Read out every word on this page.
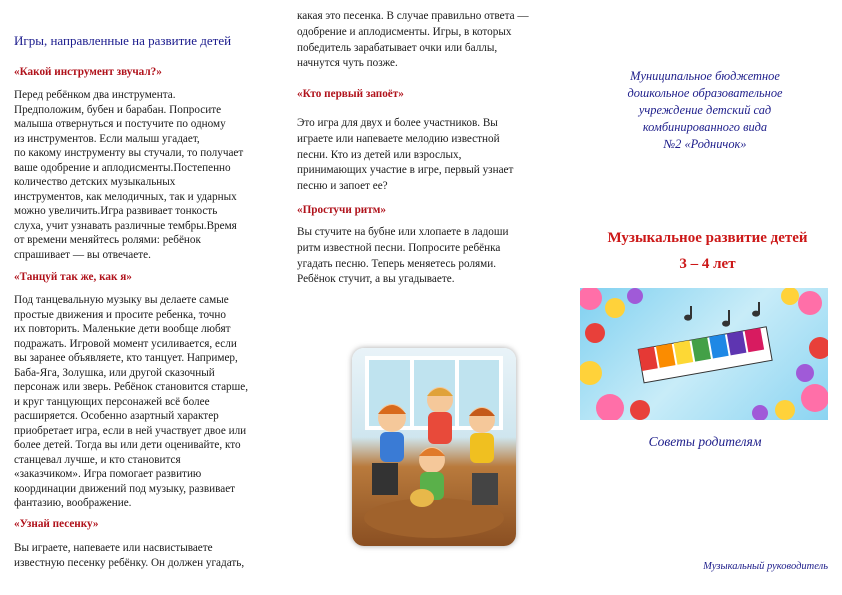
Игры, направленные на развитие детей
«Какой инструмент звучал?»
Перед ребёнком два инструмента.
Предположим, бубен и барабан. Попросите
малыша отвернуться и постучите по одному
из инструментов. Если малыш угадает,
по какому инструменту вы стучали, то получает
ваше одобрение и аплодисменты.Постепенно
количество детских музыкальных
инструментов, как мелодичных, так и ударных
можно увеличить.Игра развивает тонкость
слуха, учит узнавать различные тембры.Время
от времени меняйтесь ролями: ребёнок
спрашивает — вы отвечаете.
«Танцуй так же, как я»
Под танцевальную музыку вы делаете самые
простые движения и просите ребенка, точно
их повторить. Маленькие дети вообще любят
подражать. Игровой момент усиливается, если
вы заранее объявляете, кто танцует. Например,
Баба-Яга, Золушка, или другой сказочный
персонаж или зверь. Ребёнок становится старше,
и круг танцующих персонажей всё более
расширяется. Особенно азартный характер
приобретает игра, если в ней участвует двое или
более детей. Тогда вы или дети оценивайте, кто
станцевал лучше, и кто становится
«заказчиком». Игра помогает развитию
координации движений под музыку, развивает
фантазию, воображение.
«Узнай песенку»
Вы играете, напеваете или насвистываете
известную песенку ребёнку. Он должен угадать,
какая это песенка. В случае правильно ответа —
одобрение и аплодисменты. Игры, в которых
победитель зарабатывает очки или баллы,
начнутся чуть позже.
«Кто первый запоёт»
Это игра для двух и более участников. Вы
играете или напеваете мелодию известной
песни. Кто из детей или взрослых,
принимающих участие в игре, первый узнает
песню и запоет ее?
«Простучи ритм»
Вы стучите на бубне или хлопаете в ладоши
ритм известной песни. Попросите ребёнка
угадать песню. Теперь меняетесь ролями.
Ребёнок стучит, а вы угадываете.
Муниципальное бюджетное
дошкольное образовательное
учреждение детский сад
комбинированного вида
№2 «Родничок»
Музыкальное развитие детей
3 – 4 лет
Советы родителям
Музыкальный руководитель
